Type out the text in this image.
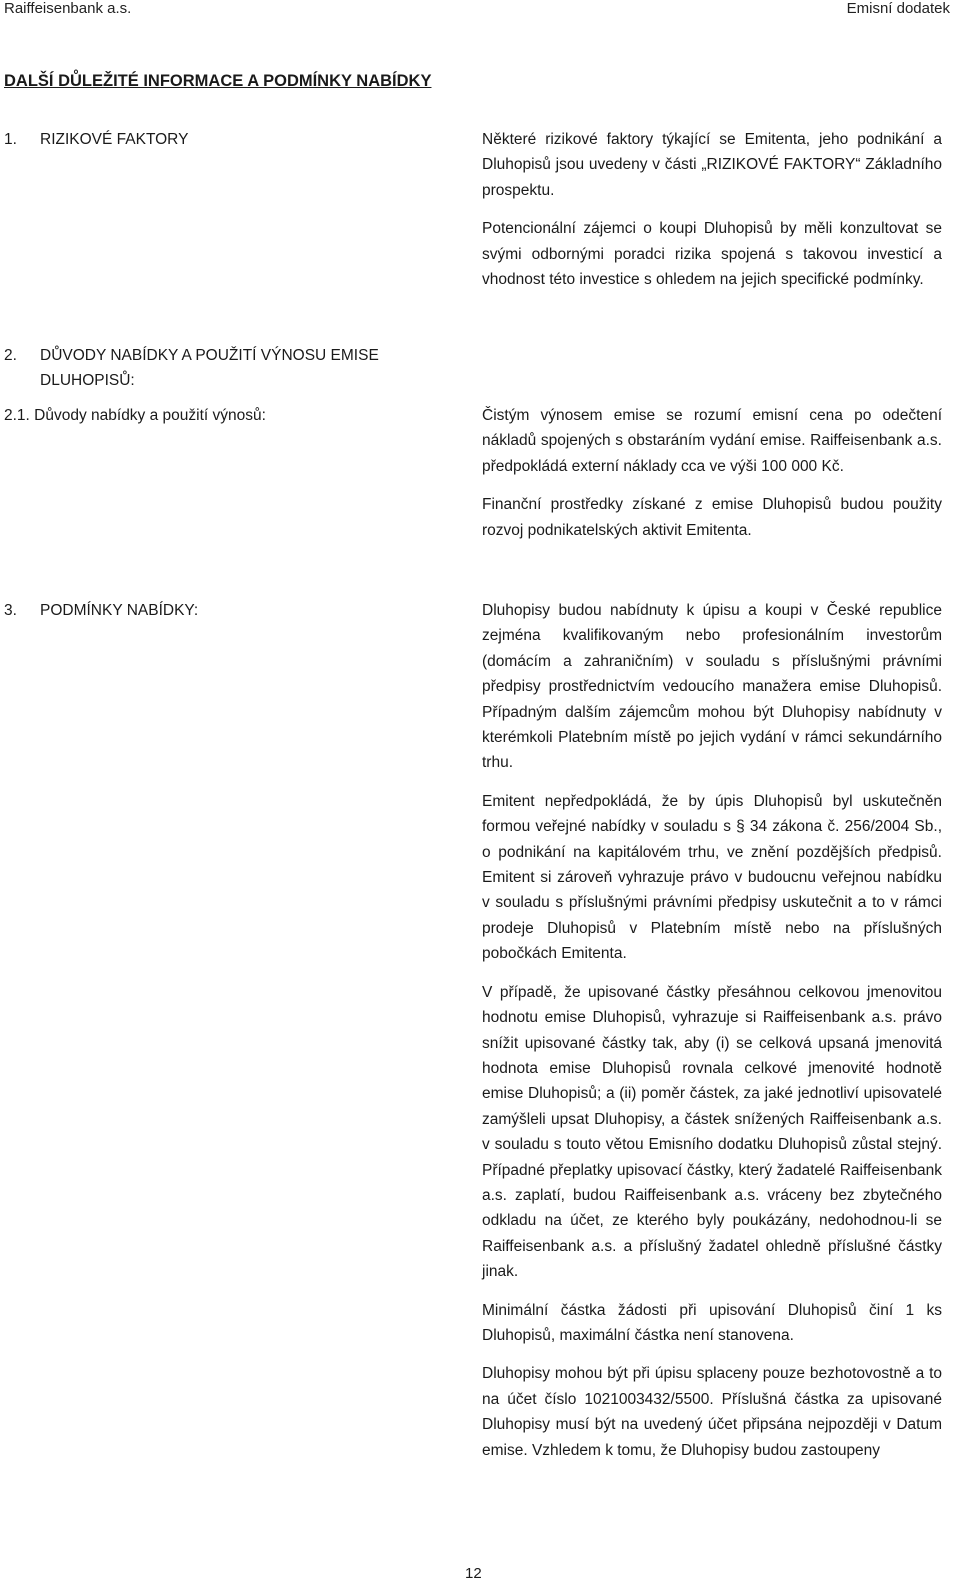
Raiffeisenbank a.s.	Emisní dodatek
DALŠÍ DŮLEŽITÉ INFORMACE A PODMÍNKY NABÍDKY
1. RIZIKOVÉ FAKTORY	Některé rizikové faktory týkající se Emitenta, jeho podnikání a Dluhopisů jsou uvedeny v části „RIZIKOVÉ FAKTORY“ Základního prospektu.

Potencionální zájemci o koupi Dluhopisů by měli konzultovat se svými odbornými poradci rizika spojená s takovou investicí a vhodnost této investice s ohledem na jejich specifické podmínky.

2. DŮVODY NABÍDKY A POUŽITÍ VÝNOSU EMISE
DLUHOPISŮ:
2.1. Důvody nabídky a použití výnosů:	Čistým výnosem emise se rozumí emisní cena po odečtení nákladů spojených s obstaráním vydání emise. Raiffeisenbank a.s. předpokládá externí náklady cca ve výši 100 000 Kč.

Finanční prostředky získané z emise Dluhopisů budou použity rozvoj podnikatelských aktivit Emitenta.

3. PODMÍNKY NABÍDKY:	Dluhopisy budou nabídnuty k úpisu a koupi v České republice zejména kvalifikovaným nebo profesionálním investorům (domácím a zahraničním) v souladu s příslušnými právními předpisy prostřednictvím vedoucího manažera emise Dluhopisů. Případným dalším zájemcům mohou být Dluhopisy nabídnuty v kterémkoli Platebním místě po jejich vydání v rámci sekundárního trhu.

Emitent nepředpokládá, že by úpis Dluhopisů byl uskutečněn formou veřejné nabídky v souladu s § 34 zákona č. 256/2004 Sb., o podnikání na kapitálovém trhu, ve znění pozdějších předpisů. Emitent si zároveň vyhrazuje právo v budoucnu veřejnou nabídku v souladu s příslušnými právními předpisy uskutečnit a to v rámci prodeje Dluhopisů v Platebním místě nebo na příslušných pobočkách Emitenta.

V případě, že upisované částky přesáhnou celkovou jmenovitou hodnotu emise Dluhopisů, vyhrazuje si Raiffeisenbank a.s. právo snížit upisované částky tak, aby (i) se celková upsaná jmenovitá hodnota emise Dluhopisů rovnala celkové jmenovité hodnotě emise Dluhopisů; a (ii) poměr částek, za jaké jednotliví upisovatelé zamýšleli upsat Dluhopisy, a částek snížených Raiffeisenbank a.s. v souladu s touto větou Emisního dodatku Dluhopisů zůstal stejný. Případné přeplatky upisovací částky, který žadatelé Raiffeisenbank a.s. zaplatí, budou Raiffeisenbank a.s. vráceny bez zbytečného odkladu na účet, ze kterého byly poukázány, nedohodnou-li se Raiffeisenbank a.s. a příslušný žadatel ohledně příslušné částky jinak.

Minimální částka žádosti při upisování Dluhopisů činí 1 ks Dluhopisů, maximální částka není stanovena.

Dluhopisy mohou být při úpisu splaceny pouze bezhotovostně a to na účet číslo 1021003432/5500. Příslušná částka za upisované Dluhopisy musí být na uvedený účet připsána nejpozději v Datum emise. Vzhledem k tomu, že Dluhopisy budou zastoupeny

12
